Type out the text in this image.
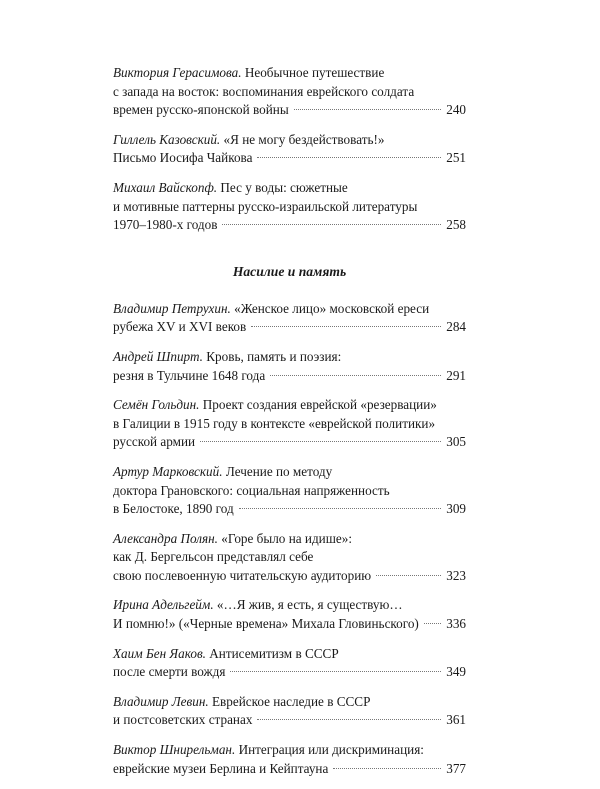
Виктория Герасимова. Необычное путешествие
с запада на восток: воспоминания еврейского солдата
времен русско-японской войны	240
Гиллель Казовский. «Я не могу бездействовать!»
Письмо Иосифа Чайкова	251
Михаил Вайскопф. Пес у воды: сюжетные
и мотивные паттерны русско-израильской литературы
1970–1980-х годов	258
Насилие и память
Владимир Петрухин. «Женское лицо» московской ереси
рубежа XV и XVI веков	284
Андрей Шпирт. Кровь, память и поэзия:
резня в Тульчине 1648 года	291
Семён Гольдин. Проект создания еврейской «резервации»
в Галиции в 1915 году в контексте «еврейской политики»
русской армии	305
Артур Марковский. Лечение по методу
доктора Грановского: социальная напряженность
в Белостоке, 1890 год	309
Александра Полян. «Горе было на идише»:
как Д. Бергельсон представлял себе
свою послевоенную читательскую аудиторию	323
Ирина Адельгейм. «…Я жив, я есть, я существую…
И помню!» («Черные времена» Михала Гловиньского) 336
Хаим Бен Яаков. Антисемитизм в СССР
после смерти вождя	349
Владимир Левин. Еврейское наследие в СССР
и постсоветских странах	361
Виктор Шнирельман. Интеграция или дискриминация:
еврейские музеи Берлина и Кейптауна	377
